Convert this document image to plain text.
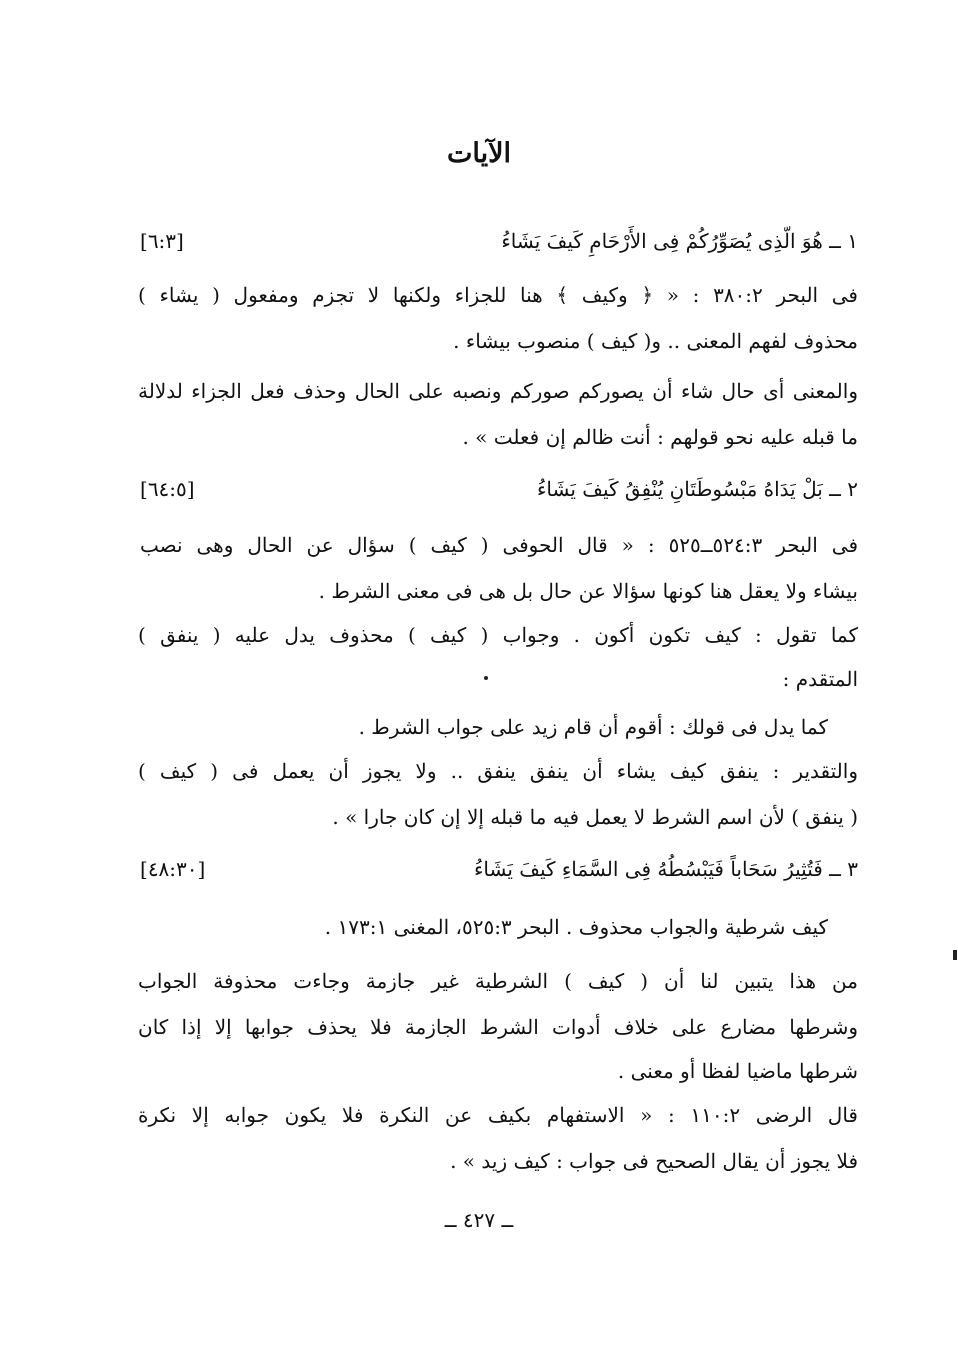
الآيات
١ ــ هُوَ الَّذِى يُصَوِّرُكُمْ فِى الأَرْحَامِ كَيفَ يَشَاءُ
[٦:٣]
فى البحر ٣٨٠:٢ : « ﴿ وكيف ﴾ هنا للجزاء ولكنها لا تجزم ومفعول ( يشاء )
محذوف لفهم المعنى .. و( كيف ) منصوب بيشاء .
والمعنى أى حال شاء أن يصوركم صوركم ونصبه على الحال وحذف فعل الجزاء لدلالة
ما قبله عليه نحو قولهم : أنت ظالم إن فعلت » .
٢ ــ بَلْ يَدَاهُ مَبْسُوطَتَانِ يُنْفِقُ كَيفَ يَشَاءُ
[٦٤:٥]
فى البحر ٥٢٤:٣ــ٥٢٥ : « قال الحوفى ( كيف ) سؤال عن الحال وهى نصب
بيشاء ولا يعقل هنا كونها سؤالا عن حال بل هى فى معنى الشرط .
كما تقول : كيف تكون أكون . وجواب ( كيف ) محذوف يدل عليه ( ينفق )
المتقدم :
كما يدل فى قولك : أقوم أن قام زيد على جواب الشرط .
والتقدير : ينفق كيف يشاء أن ينفق ينفق .. ولا يجوز أن يعمل فى ( كيف )
( ينفق ) لأن اسم الشرط لا يعمل فيه ما قبله إلا إن كان جارا » .
٣ ــ فَتُثِيرُ سَحَاباً فَيَبْسُطُهُ فِى السَّمَاءِ كَيفَ يَشَاءُ
[٤٨:٣٠]
كيف شرطية والجواب محذوف . البحر ٥٢٥:٣، المغنى ١٧٣:١ .
من هذا يتبين لنا أن ( كيف ) الشرطية غير جازمة وجاءت محذوفة الجواب
وشرطها مضارع على خلاف أدوات الشرط الجازمة فلا يحذف جوابها إلا إذا كان
شرطها ماضيا لفظا أو معنى .
قال الرضى ١١٠:٢ : « الاستفهام بكيف عن النكرة فلا يكون جوابه إلا نكرة
فلا يجوز أن يقال الصحيح فى جواب : كيف زيد » .
ــ ٤٢٧ ــ
